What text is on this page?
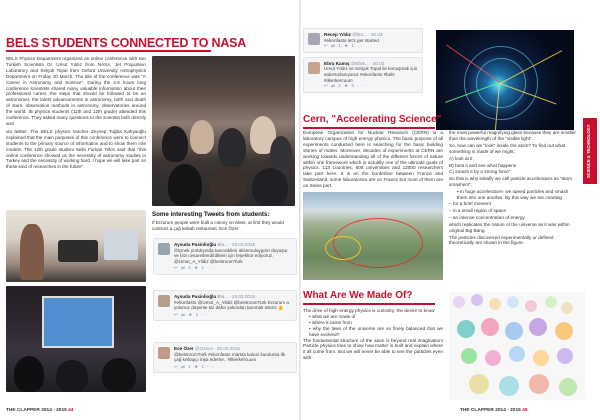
BELS STUDENTS CONNECTED TO NASA

BELS Physics Department organized an online conference with two Turkish Scientists Dr. Umut Yıldız from NASA, Jet Propulsion Laboratory and Selçuk Topal from Oxford University Astrophysics Department on Friday 20 March. The title of the conference was "A Career in Astronomy and Science". During the 2.5 hours long conference scientists shared many valuable information about their professional career, the steps that should be followed to be an astronomer, the latest advancements in astronomy, birth and death of stars, observation methods in astronomy, observatories around the world. IB physics students (11th and 12th grade) attended this conference. They asked many questions to the scientist both directly and

via twitter. The BELS physics teacher Zeynep Tuğba Kahyaoğlu explained that the main purposes of this conference were to connect students to the primary source of information and to show them role models. The 12th grade student Selin Furkan Tekin said that "this online conference showed us the necessity of astronomy studies in Turkey and the necessity of working hard. I hope we will take part on these kind of researches in the future".

Some interesting Tweets from students:
If Erzurum people were built a colony on Mars, at first they would contract a çağ kebab restaurant. Ece Özer
Aysuda Pasinlioğlu Bla... · 20.03.2015
Ölçmek yurtdışında tanınabilen aklınmıdaygınır duyuşur ve bizi cesaretlendirdikleri için teşekkür ediyoruz. @Umut_A_Yildiz @bestroomTurk
↩ ⇄ 2 ★ 1 ···
Aysuda Pasinlioğlu Bla... · 20.03.2015
#ekonfasto @Umut_A_Yildiz @bestroomTurk Erzurum a yolunuz düşerse siz daha yakından tanımak isteriz 👍
↩ ⇄ ★ 1 ···
Ece Özer @Ozece · 20.03.2015
@bestroomTurk #ekonfasto marsta koloni kurulursa ilk çağ kebapçı inşa ederler.. #ilkerkercuum
↩ ⇄ 1 ★ 1 ···
THE CLAPPER 2014 - 2015 44
Recep Yıldız @kto... · 20.03
#ekonfasto let's get started
↩ ⇄ 1 ★ 1 ···
Ebru Kamış @Ebrk... · 20.03
Umut Yıldız ve Selçuk Topal ile konuşmak için sabırsızlanıyoruz #ekonfasto #bels #ilkerkercuum
↩ ⇄ 2 ★ 2 ···
SCIENCE & TECHNOLOGY
Cern, "Accelerating Science"
European Organization for Nuclear Research (CERN) is a laboratory campus of high energy physics. The basic purpose of all experiments conducted here is searching for the basic building stones of matter. Moreover, decades of experiments at CERN are working towards understanding all of the different forces of nature within one framework which is actually one of the ultimate goals of physics. 113 countries, 608 universities and 12000 researchers take part here. It is on the borderline between France and Switzerland, some laboratories are on France but most of them are on Swiss part.
What Are We Made Of?
The drive of high-energy physics is curiosity; the desire to know
• what we are made of
• where it came from
• why the laws of the universe are so finely balanced that we have evolved?.
The fundamental structure of the atom is beyond real imagination! Particle physics tries to show how matter is built and explain where it all come from. But we will never be able to see the particles even with

the most powerful magnifying glass because they are smaller than the wavelength of the "visible light".

So, how can we "look" inside the atom? To find out what something is made of we might;

A) look at it

B) heat it and see what happens

C) smash it by a strong force"

So that is why initially we call particle accelerators as "atom smashers".

• In huge accelerators- we speed particles and smash them into one another. By this way we are creating

– for a brief moment

– in a small region of space

– an intense concentration of energy

which replicates the nature of the universe as it was within original Big Bang.

The particles discovered experimentally or defined theoretically are shown in the figure.

THE CLAPPER 2014 - 2015 45
